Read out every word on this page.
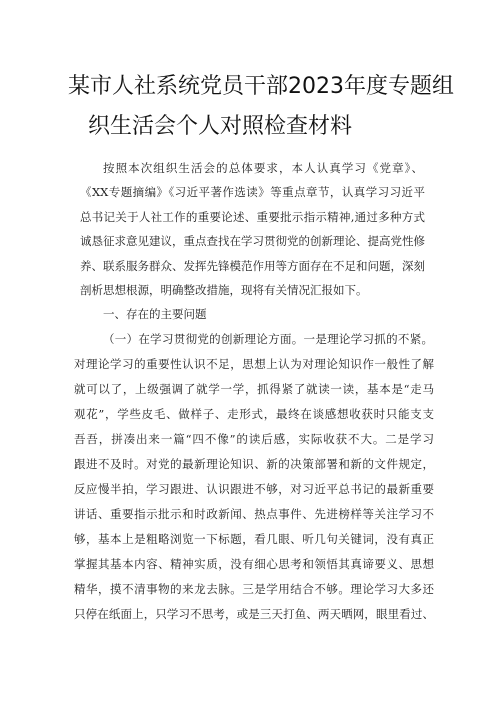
某市人社系统党员干部2023年度专题组
织生活会个人对照检查材料
按照本次组织生活会的总体要求，本人认真学习《党章》、
《XX专题摘编》《习近平著作选读》等重点章节，认真学习习近平
总书记关于人社工作的重要论述、重要批示指示精神,通过多种方式
诚恳征求意见建议，重点查找在学习贯彻党的创新理论、提高党性修
养、联系服务群众、发挥先锋模范作用等方面存在不足和问题，深刻
剖析思想根源，明确整改措施，现将有关情况汇报如下。
一、存在的主要问题
（一）在学习贯彻党的创新理论方面。一是理论学习抓的不紧。
对理论学习的重要性认识不足，思想上认为对理论知识作一般性了解
就可以了，上级强调了就学一学，抓得紧了就读一读，基本是“走马
观花”，学些皮毛、做样子、走形式，最终在谈感想收获时只能支支
吾吾，拼凑出来一篇“四不像”的读后感，实际收获不大。二是学习
跟进不及时。对党的最新理论知识、新的决策部署和新的文件规定，
反应慢半拍，学习跟进、认识跟进不够，对习近平总书记的最新重要
讲话、重要指示批示和时政新闻、热点事件、先进榜样等关注学习不
够，基本上是粗略浏览一下标题，看几眼、听几句关键词，没有真正
掌握其基本内容、精神实质，没有细心思考和领悟其真谛要义、思想
精华，摸不清事物的来龙去脉。三是学用结合不够。理论学习大多还
只停在纸面上，只学习不思考，或是三天打鱼、两天晒网，眼里看过、
